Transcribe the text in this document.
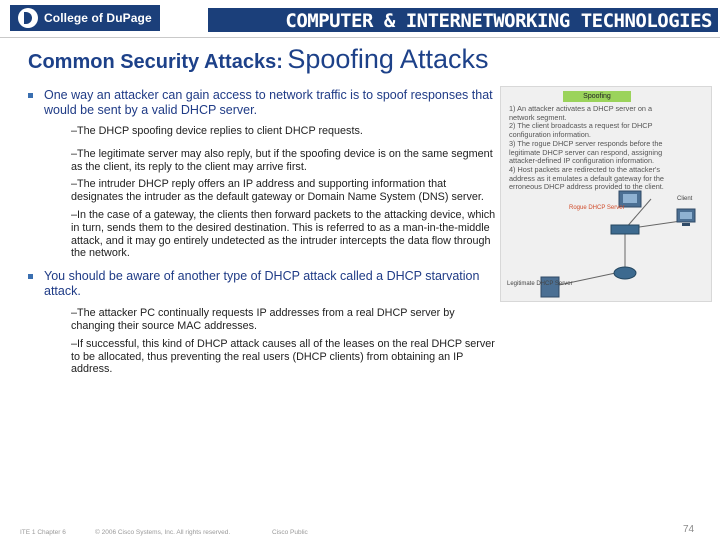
College of DuPage	COMPUTER & INTERNETWORKING TECHNOLOGIES
Common Security Attacks: Spoofing Attacks
One way an attacker can gain access to network traffic is to spoof responses that would be sent by a valid DHCP server.
–The DHCP spoofing device replies to client DHCP requests.
–The legitimate server may also reply, but if the spoofing device is on the same segment as the client, its reply to the client may arrive first.
–The intruder DHCP reply offers an IP address and supporting information that designates the intruder as the default gateway or Domain Name System (DNS) server.
–In the case of a gateway, the clients then forward packets to the attacking device, which in turn, sends them to the desired destination. This is referred to as a man-in-the-middle attack, and it may go entirely undetected as the intruder intercepts the data flow through the network.
You should be aware of another type of DHCP attack called a DHCP starvation attack.
–The attacker PC continually requests IP addresses from a real DHCP server by changing their source MAC addresses.
–If successful, this kind of DHCP attack causes all of the leases on the real DHCP server to be allocated, thus preventing the real users (DHCP clients) from obtaining an IP address.
Spoofing
1) An attacker activates a DHCP server on a
network segment.
2) The client broadcasts a request for DHCP
configuration information.
3) The rogue DHCP server responds before the
legitimate DHCP server can respond, assigning
attacker-defined IP configuration information.
4) Host packets are redirected to the attacker's
address as it emulates a default gateway for the
erroneous DHCP address provided to the client.
Rogue DHCP Server
Client
Legitimate DHCP Server
ITE 1 Chapter 6	© 2006 Cisco Systems, Inc. All rights reserved.	Cisco Public	74
